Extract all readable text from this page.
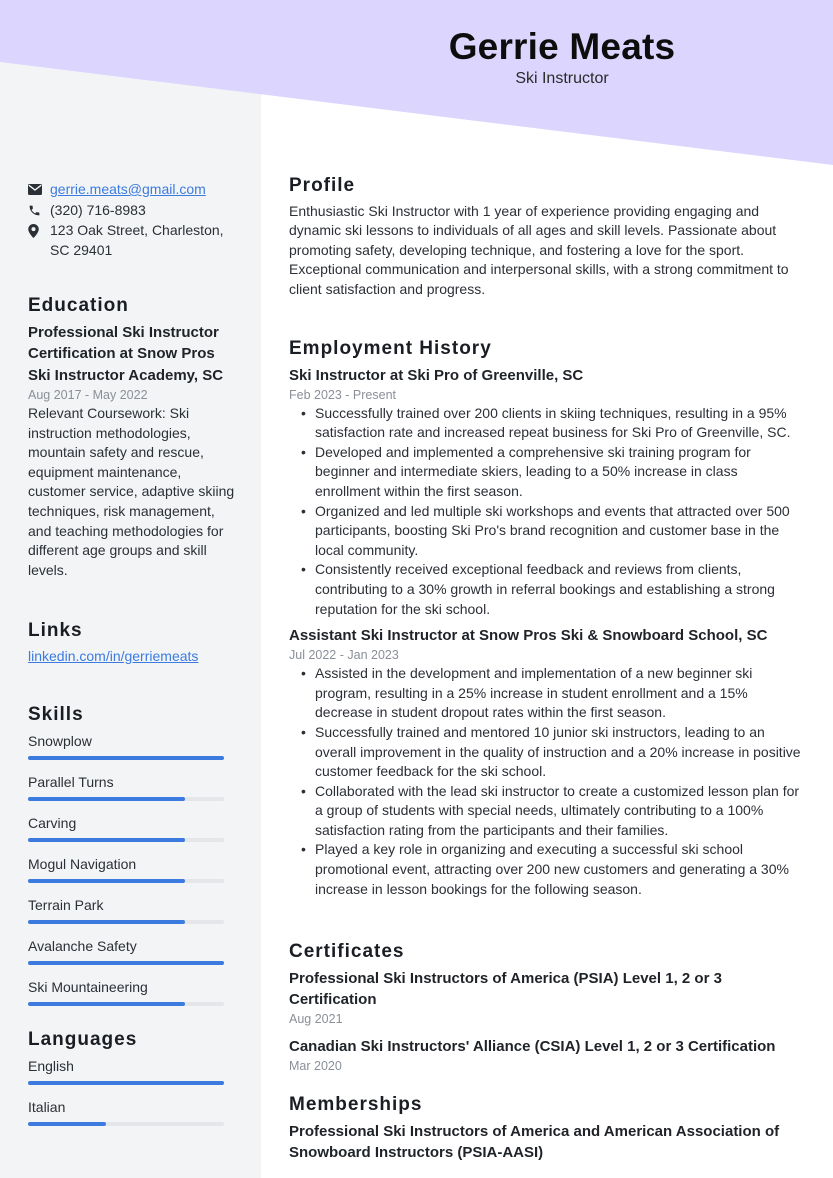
Gerrie Meats
Ski Instructor
gerrie.meats@gmail.com
(320) 716-8983
123 Oak Street, Charleston,
SC 29401
Education
Professional Ski Instructor Certification at Snow Pros Ski Instructor Academy, SC
Aug 2017 - May 2022
Relevant Coursework: Ski instruction methodologies, mountain safety and rescue, equipment maintenance, customer service, adaptive skiing techniques, risk management, and teaching methodologies for different age groups and skill levels.
Links
linkedin.com/in/gerriemeats
Skills
Snowplow
Parallel Turns
Carving
Mogul Navigation
Terrain Park
Avalanche Safety
Ski Mountaineering
Languages
English
Italian
Profile
Enthusiastic Ski Instructor with 1 year of experience providing engaging and dynamic ski lessons to individuals of all ages and skill levels. Passionate about promoting safety, developing technique, and fostering a love for the sport. Exceptional communication and interpersonal skills, with a strong commitment to client satisfaction and progress.
Employment History
Ski Instructor at Ski Pro of Greenville, SC
Feb 2023 - Present
• Successfully trained over 200 clients in skiing techniques, resulting in a 95% satisfaction rate and increased repeat business for Ski Pro of Greenville, SC.
• Developed and implemented a comprehensive ski training program for beginner and intermediate skiers, leading to a 50% increase in class enrollment within the first season.
• Organized and led multiple ski workshops and events that attracted over 500 participants, boosting Ski Pro's brand recognition and customer base in the local community.
• Consistently received exceptional feedback and reviews from clients, contributing to a 30% growth in referral bookings and establishing a strong reputation for the ski school.
Assistant Ski Instructor at Snow Pros Ski & Snowboard School, SC
Jul 2022 - Jan 2023
• Assisted in the development and implementation of a new beginner ski program, resulting in a 25% increase in student enrollment and a 15% decrease in student dropout rates within the first season.
• Successfully trained and mentored 10 junior ski instructors, leading to an overall improvement in the quality of instruction and a 20% increase in positive customer feedback for the ski school.
• Collaborated with the lead ski instructor to create a customized lesson plan for a group of students with special needs, ultimately contributing to a 100% satisfaction rating from the participants and their families.
• Played a key role in organizing and executing a successful ski school promotional event, attracting over 200 new customers and generating a 30% increase in lesson bookings for the following season.
Certificates
Professional Ski Instructors of America (PSIA) Level 1, 2 or 3 Certification
Aug 2021
Canadian Ski Instructors' Alliance (CSIA) Level 1, 2 or 3 Certification
Mar 2020
Memberships
Professional Ski Instructors of America and American Association of Snowboard Instructors (PSIA-AASI)
